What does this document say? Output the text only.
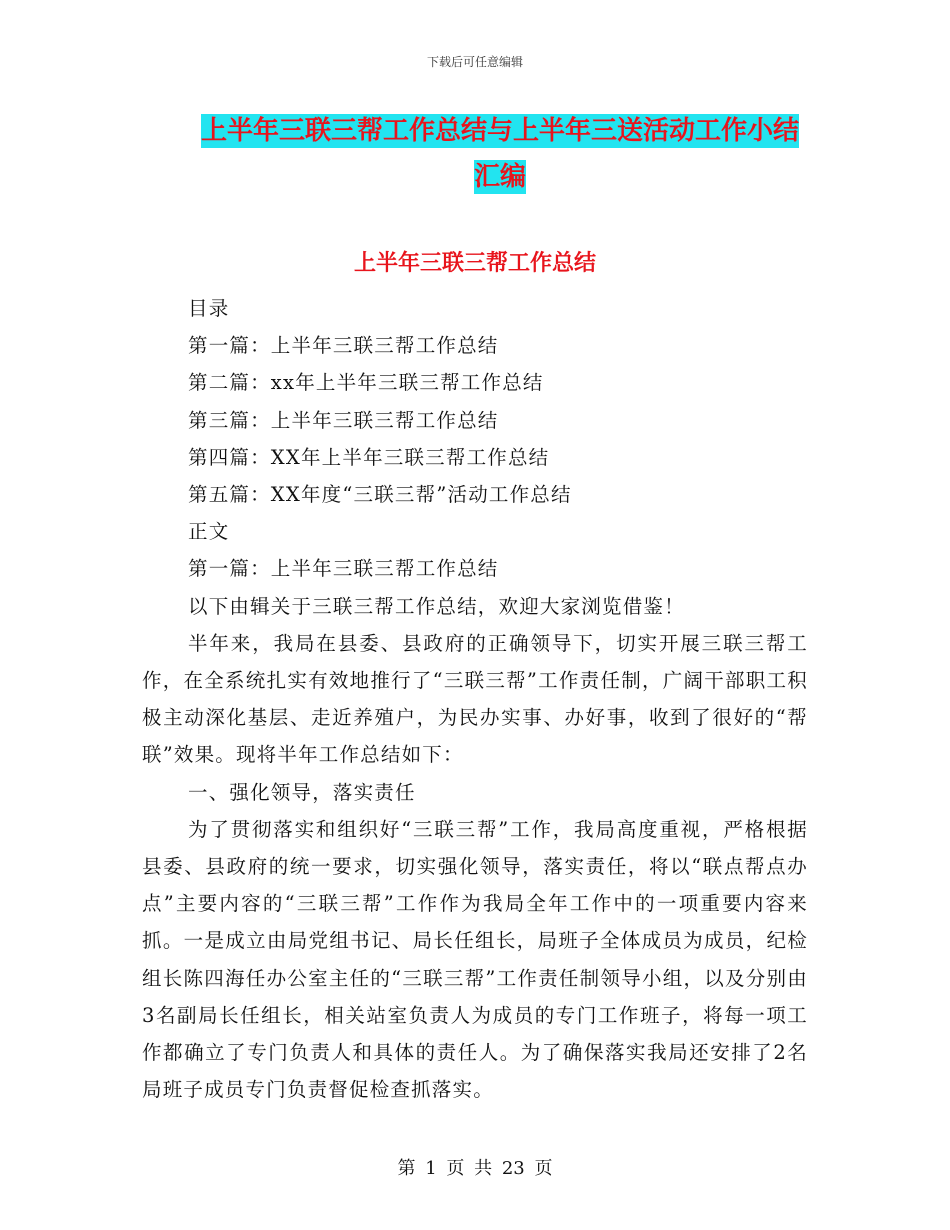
下载后可任意编辑
上半年三联三帮工作总结与上半年三送活动工作小结
汇编
上半年三联三帮工作总结

目录

第一篇：上半年三联三帮工作总结

第二篇：xx年上半年三联三帮工作总结

第三篇：上半年三联三帮工作总结

第四篇：XX年上半年三联三帮工作总结

第五篇：XX年度“三联三帮”活动工作总结

正文

第一篇：上半年三联三帮工作总结

以下由辑关于三联三帮工作总结，欢迎大家浏览借鉴！

半年来，我局在县委、县政府的正确领导下，切实开展三联三帮工作，在全系统扎实有效地推行了“三联三帮”工作责任制，广阔干部职工积极主动深化基层、走近养殖户，为民办实事、办好事，收到了很好的“帮联”效果。现将半年工作总结如下：

一、强化领导，落实责任

为了贯彻落实和组织好“三联三帮”工作，我局高度重视，严格根据县委、县政府的统一要求，切实强化领导，落实责任，将以“联点帮点办点”主要内容的“三联三帮”工作作为我局全年工作中的一项重要内容来抓。一是成立由局党组书记、局长任组长，局班子全体成员为成员，纪检组长陈四海任办公室主任的“三联三帮”工作责任制领导小组，以及分别由3名副局长任组长，相关站室负责人为成员的专门工作班子，将每一项工作都确立了专门负责人和具体的责任人。为了确保落实我局还安排了2名局班子成员专门负责督促检查抓落实。

第 1 页 共 23 页
